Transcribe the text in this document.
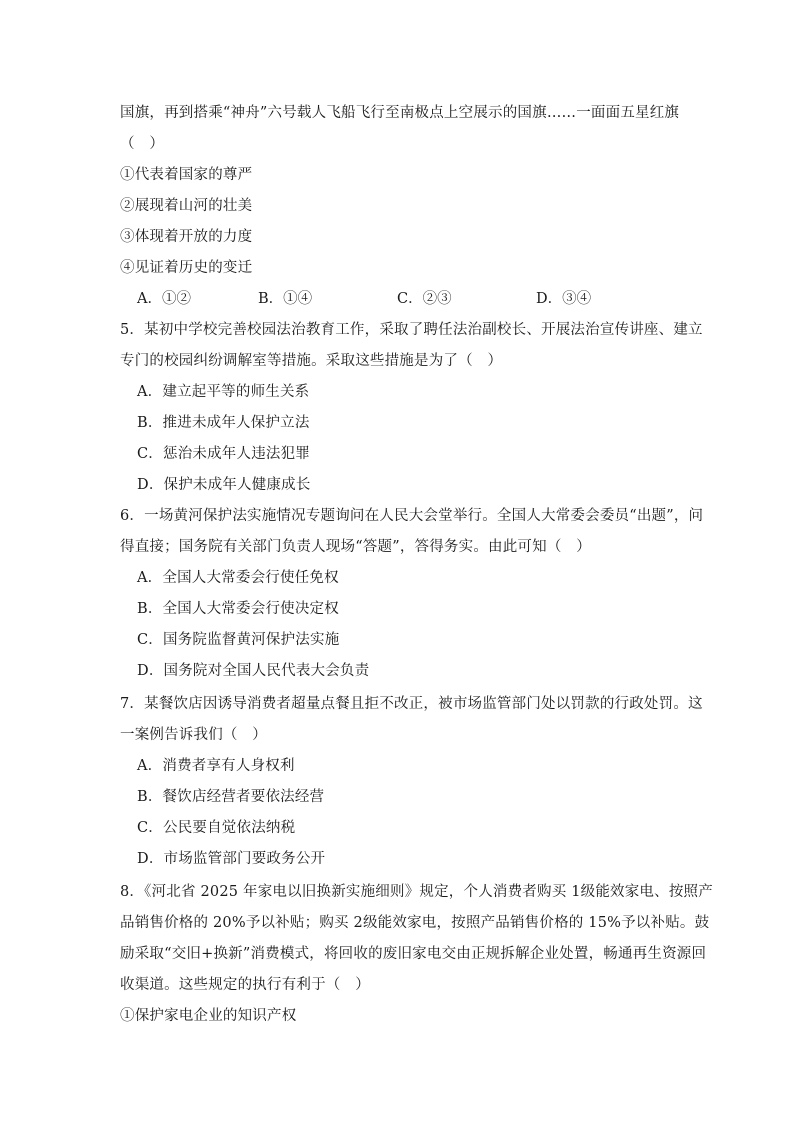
国旗，再到搭乘“神舟”六号载人飞船飞行至南极点上空展示的国旗……一面面五星红旗
（　）
①代表着国家的尊严
②展现着山河的壮美
③体现着开放的力度
④见证着历史的变迁
A．①②	B．①④	C．②③	D．③④
5．某初中学校完善校园法治教育工作，采取了聘任法治副校长、开展法治宣传讲座、建立
专门的校园纠纷调解室等措施。采取这些措施是为了（　）
A．建立起平等的师生关系
B．推进未成年人保护立法
C．惩治未成年人违法犯罪
D．保护未成年人健康成长
6．一场黄河保护法实施情况专题询问在人民大会堂举行。全国人大常委会委员“出题”，问
得直接；国务院有关部门负责人现场“答题”，答得务实。由此可知（　）
A．全国人大常委会行使任免权
B．全国人大常委会行使决定权
C．国务院监督黄河保护法实施
D．国务院对全国人民代表大会负责
7．某餐饮店因诱导消费者超量点餐且拒不改正，被市场监管部门处以罚款的行政处罚。这
一案例告诉我们（　）
A．消费者享有人身权利
B．餐饮店经营者要依法经营
C．公民要自觉依法纳税
D．市场监管部门要政务公开
8．《河北省 2025 年家电以旧换新实施细则》规定，个人消费者购买 1级能效家电、按照产
品销售价格的 20%予以补贴；购买 2级能效家电，按照产品销售价格的 15%予以补贴。鼓
励采取“交旧+换新”消费模式，将回收的废旧家电交由正规拆解企业处置，畅通再生资源回
收渠道。这些规定的执行有利于（　）
①保护家电企业的知识产权
